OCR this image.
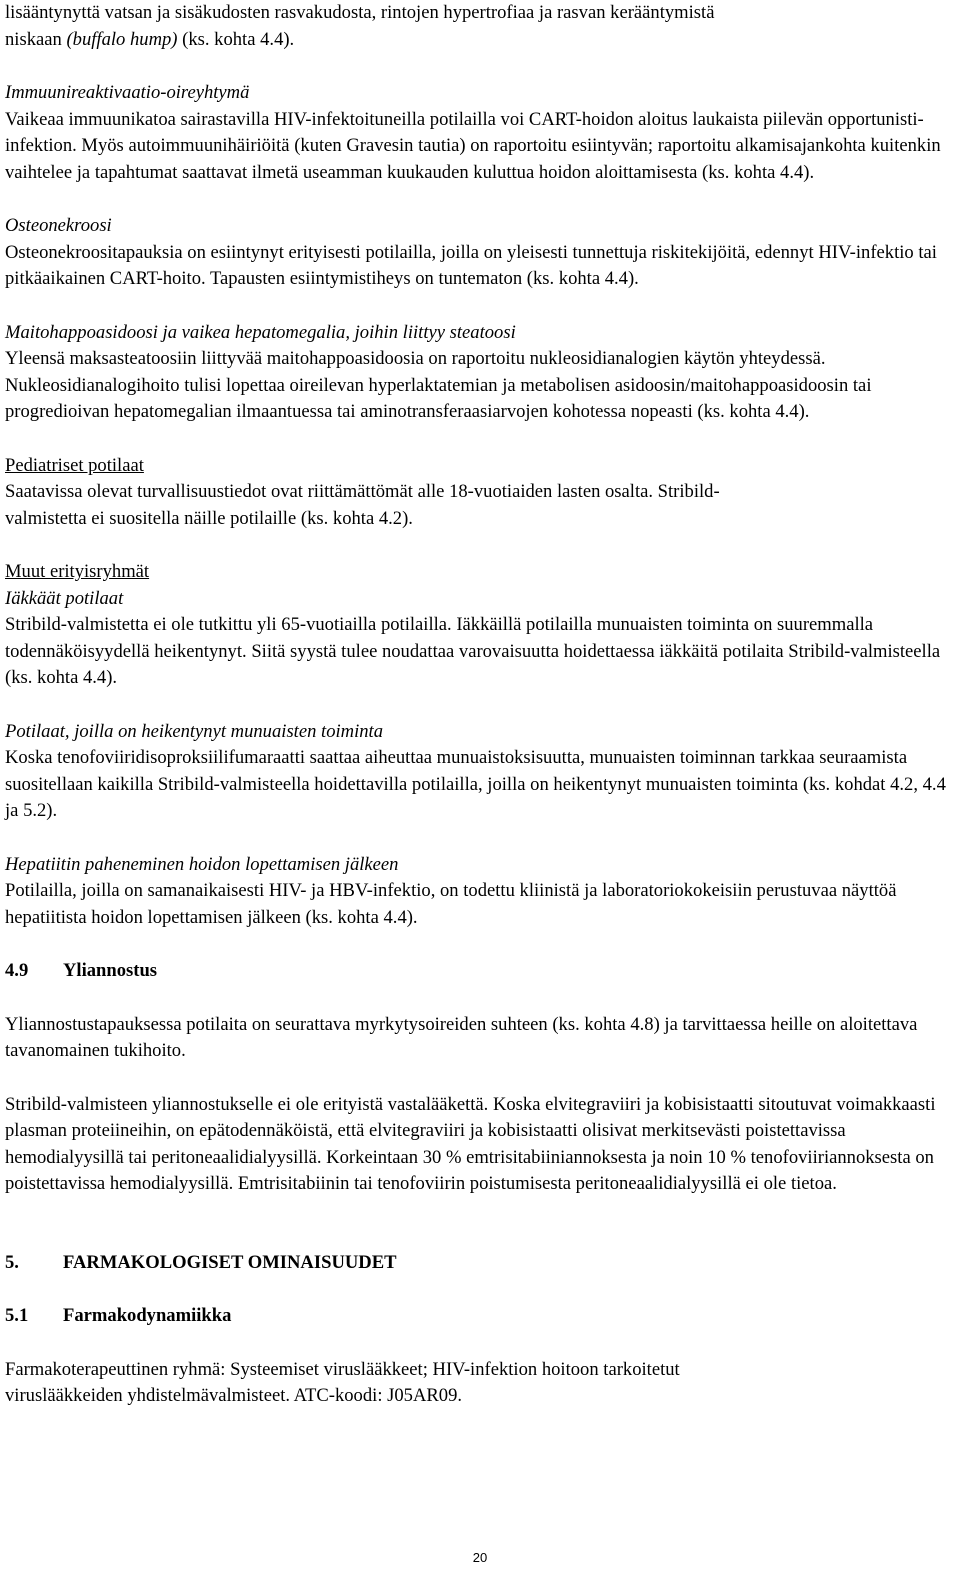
lisääntynyttä vatsan ja sisäkudosten rasvakudosta, rintojen hypertrofiaa ja rasvan kerääntymistä

niskaan (buffalo hump) (ks. kohta 4.4).

Immuunireaktivaatio-oireyhtymä

Vaikeaa immuunikatoa sairastavilla HIV-infektoituneilla potilailla voi CART-hoidon aloitus laukaista piilevän opportunisti-infektion. Myös autoimmuunihäiriöitä (kuten Gravesin tautia) on raportoitu esiintyvän; raportoitu alkamisajankohta kuitenkin vaihtelee ja tapahtumat saattavat ilmetä useamman kuukauden kuluttua hoidon aloittamisesta (ks. kohta 4.4).

Osteonekroosi

Osteonekroositapauksia on esiintynyt erityisesti potilailla, joilla on yleisesti tunnettuja riskitekijöitä, edennyt HIV-infektio tai pitkäaikainen CART-hoito. Tapausten esiintymistiheys on tuntematon (ks. kohta 4.4).

Maitohappoasidoosi ja vaikea hepatomegalia, joihin liittyy steatoosi

Yleensä maksasteatoosiin liittyvää maitohappoasidoosia on raportoitu nukleosidianalogien käytön yhteydessä. Nukleosidianalogihoito tulisi lopettaa oireilevan hyperlaktatemian ja metabolisen asidoosin/maitohappoasidoosin tai progredioivan hepatomegalian ilmaantuessa tai aminotransferaasiarvojen kohotessa nopeasti (ks. kohta 4.4).

Pediatriset potilaat

Saatavissa olevat turvallisuustiedot ovat riittämättömät alle 18-vuotiaiden lasten osalta. Stribild-

valmistetta ei suositella näille potilaille (ks. kohta 4.2).

Muut erityisryhmät

Iäkkäät potilaat

Stribild-valmistetta ei ole tutkittu yli 65-vuotiailla potilailla. Iäkkäillä potilailla munuaisten toiminta on suuremmalla todennäköisyydellä heikentynyt. Siitä syystä tulee noudattaa varovaisuutta hoidettaessa iäkkäitä potilaita Stribild-valmisteella (ks. kohta 4.4).

Potilaat, joilla on heikentynyt munuaisten toiminta

Koska tenofoviiridisoproksiilifumaraatti saattaa aiheuttaa munuaistoksisuutta, munuaisten toiminnan tarkkaa seuraamista suositellaan kaikilla Stribild-valmisteella hoidettavilla potilailla, joilla on heikentynyt munuaisten toiminta (ks. kohdat 4.2, 4.4 ja 5.2).

Hepatiitin paheneminen hoidon lopettamisen jälkeen

Potilailla, joilla on samanaikaisesti HIV- ja HBV-infektio, on todettu kliinistä ja laboratoriokokeisiin perustuvaa näyttöä hepatiitista hoidon lopettamisen jälkeen (ks. kohta 4.4).

4.9	Yliannostus

Yliannostustapauksessa potilaita on seurattava myrkytysoireiden suhteen (ks. kohta 4.8) ja tarvittaessa heille on aloitettava tavanomainen tukihoito.

Stribild-valmisteen yliannostukselle ei ole erityistä vastalääkettä. Koska elvitegraviiri ja kobisistaatti sitoutuvat voimakkaasti plasman proteiineihin, on epätodennäköistä, että elvitegraviiri ja kobisistaatti olisivat merkitsevästi poistettavissa hemodialyysillä tai peritoneaalidialyysillä. Korkeintaan 30 % emtrisitabiiniannoksesta ja noin 10 % tenofoviiriannoksesta on poistettavissa hemodialyysillä. Emtrisitabiinin tai tenofoviirin poistumisesta peritoneaalidialyysillä ei ole tietoa.

5.	FARMAKOLOGISET OMINAISUUDET
5.1	Farmakodynamiikka

Farmakoterapeuttinen ryhmä: Systeemiset viruslääkkeet; HIV-infektion hoitoon tarkoitetut

viruslääkkeiden yhdistelmävalmisteet. ATC-koodi: J05AR09.

20
